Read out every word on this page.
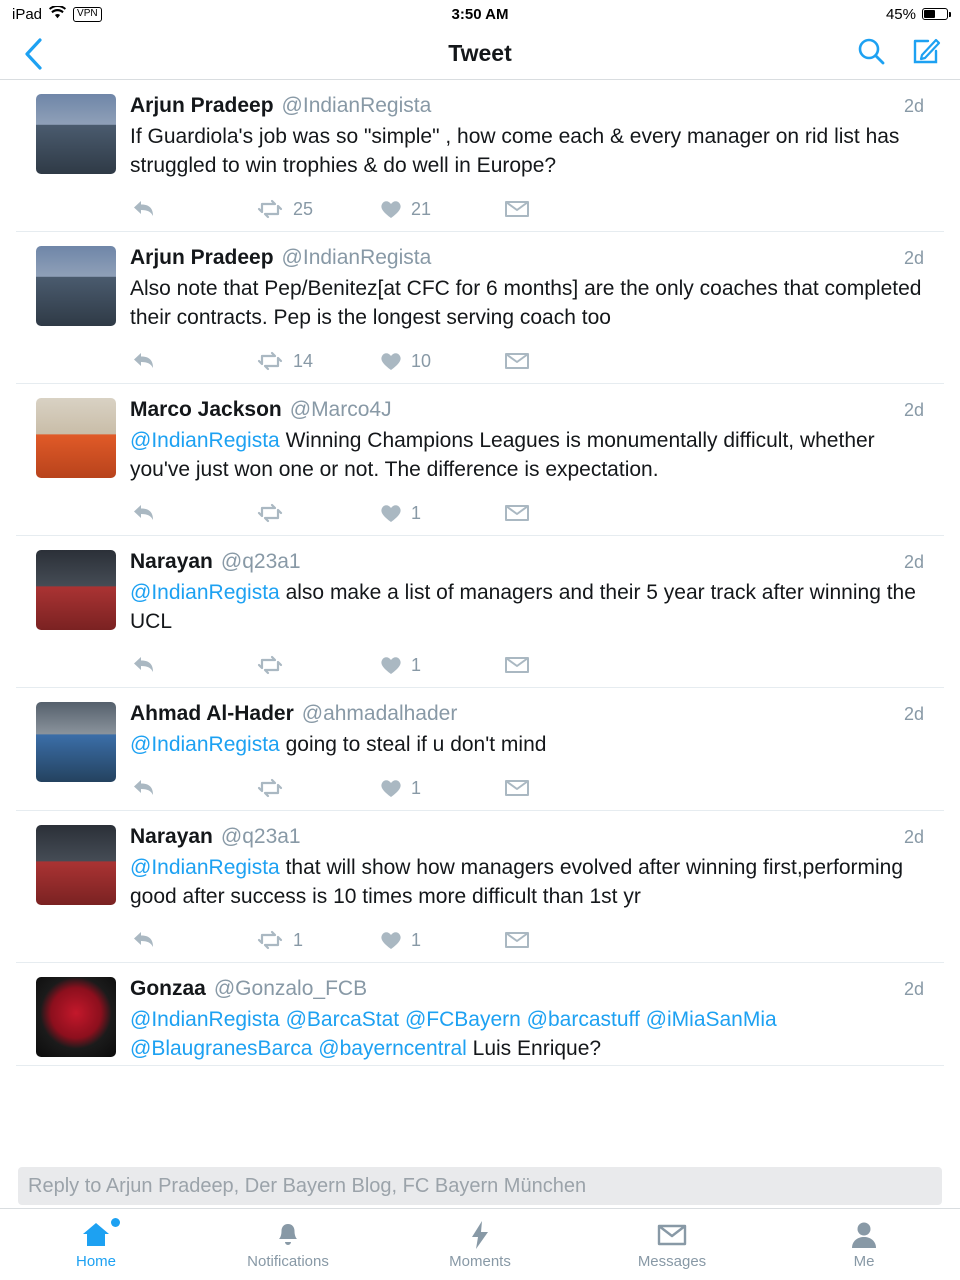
iPad	VPN	3:50 AM	45%
Tweet
Arjun Pradeep @IndianRegista	2d
If Guardiola's job was so "simple" , how come each & every manager on rid list has struggled to win trophies & do well in Europe?
25	21
Arjun Pradeep @IndianRegista	2d
Also note that Pep/Benitez[at CFC for 6 months] are the only coaches that completed their contracts. Pep is the longest serving coach too
14	10
Marco Jackson @Marco4J	2d
@IndianRegista Winning Champions Leagues is monumentally difficult, whether you've just won one or not. The difference is expectation.
1
Narayan @q23a1	2d
@IndianRegista also make a list of managers and their 5 year track after winning the UCL
1
Ahmad Al-Hader @ahmadalhader	2d
@IndianRegista going to steal if u don't mind
1
Narayan @q23a1	2d
@IndianRegista that will show how managers evolved after winning first,performing good after success is 10 times more difficult than 1st yr
1	1
Gonzaa @Gonzalo_FCB	2d
@IndianRegista @BarcaStat @FCBayern @barcastuff @iMiaSanMia @BlaugranesBarca @bayerncentral Luis Enrique?
Reply to Arjun Pradeep, Der Bayern Blog, FC Bayern München
Home	Notifications	Moments	Messages	Me
